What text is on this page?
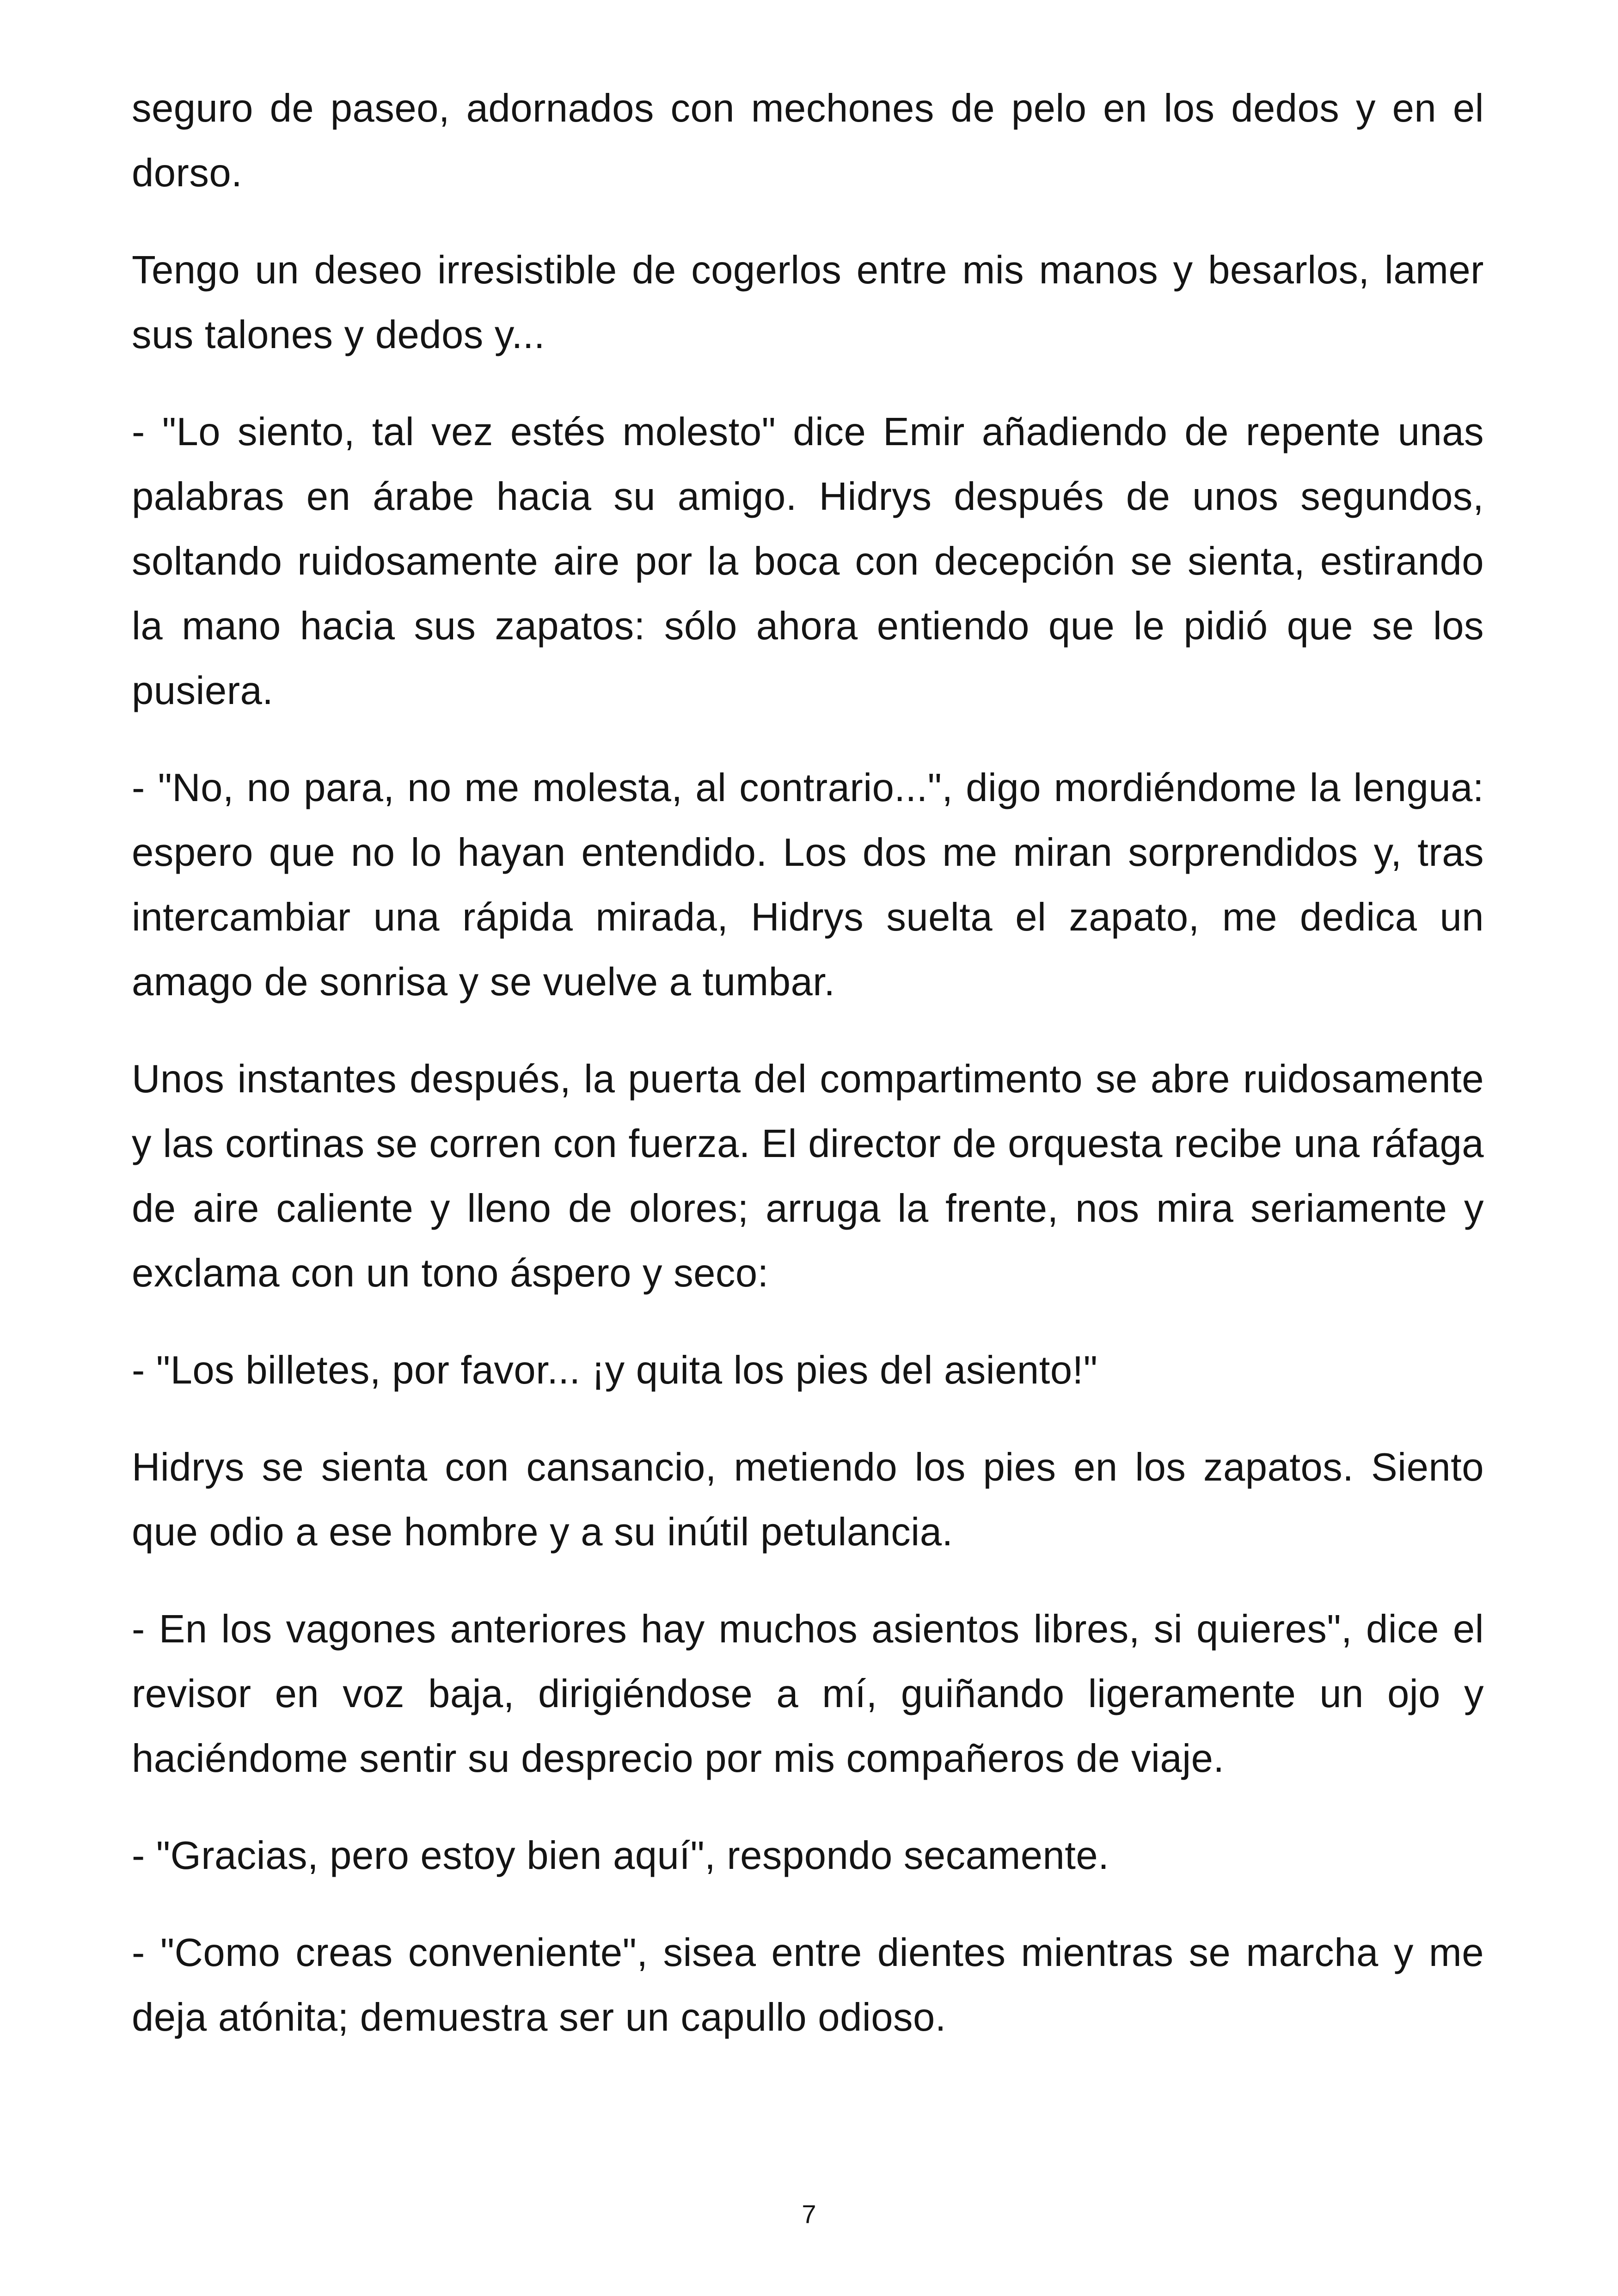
seguro de paseo, adornados con mechones de pelo en los dedos y en el dorso.

Tengo un deseo irresistible de cogerlos entre mis manos y besarlos, lamer sus talones y dedos y...

- "Lo siento, tal vez estés molesto" dice Emir añadiendo de repente unas palabras en árabe hacia su amigo. Hidrys después de unos segundos, soltando ruidosamente aire por la boca con decepción se sienta, estirando la mano hacia sus zapatos: sólo ahora entiendo que le pidió que se los pusiera.

- "No, no para, no me molesta, al contrario...", digo mordiéndome la lengua: espero que no lo hayan entendido. Los dos me miran sorprendidos y, tras intercambiar una rápida mirada, Hidrys suelta el zapato, me dedica un amago de sonrisa y se vuelve a tumbar.

Unos instantes después, la puerta del compartimento se abre ruidosamente y las cortinas se corren con fuerza. El director de orquesta recibe una ráfaga de aire caliente y lleno de olores; arruga la frente, nos mira seriamente y exclama con un tono áspero y seco:

- "Los billetes, por favor... ¡y quita los pies del asiento!"

Hidrys se sienta con cansancio, metiendo los pies en los zapatos. Siento que odio a ese hombre y a su inútil petulancia.

- En los vagones anteriores hay muchos asientos libres, si quieres", dice el revisor en voz baja, dirigiéndose a mí, guiñando ligeramente un ojo y haciéndome sentir su desprecio por mis compañeros de viaje.

- "Gracias, pero estoy bien aquí", respondo secamente.

- "Como creas conveniente", sisea entre dientes mientras se marcha y me deja atónita; demuestra ser un capullo odioso.

7
